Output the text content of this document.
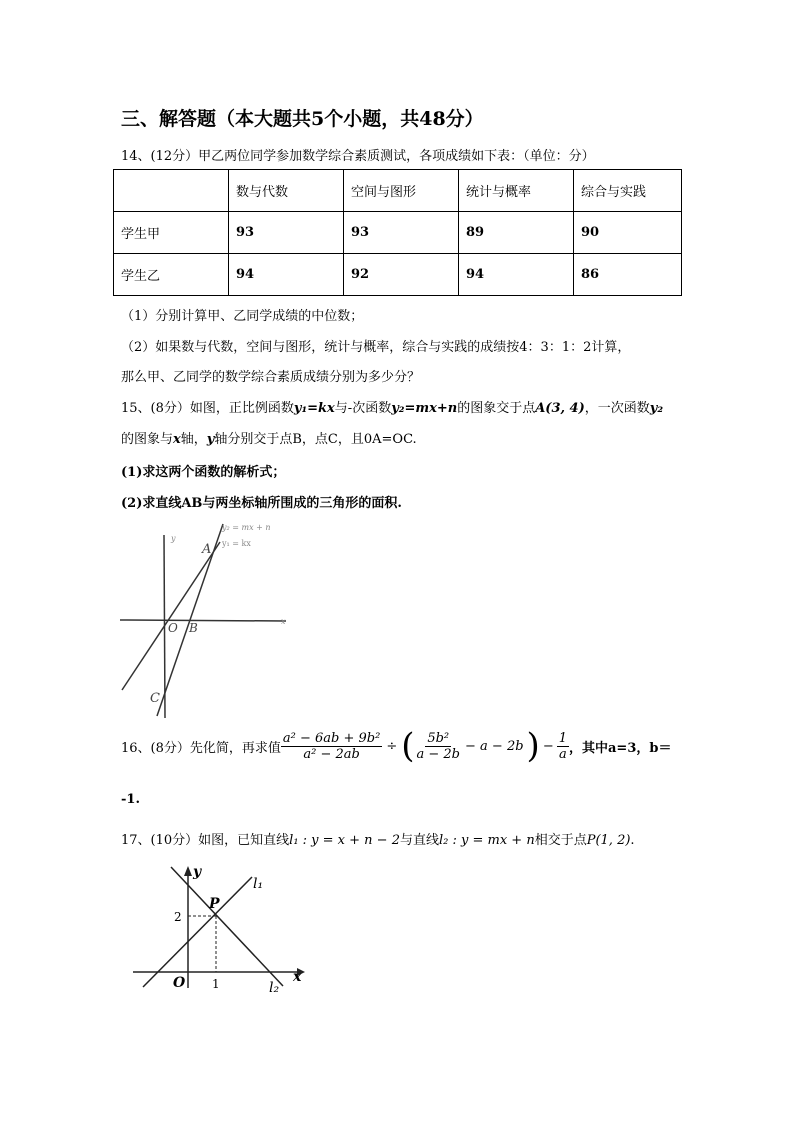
三、解答题（本大题共5个小题，共48分）
14、(12分）甲乙两位同学参加数学综合素质测试，各项成绩如下表：（单位：分）
	数与代数	空间与图形	统计与概率	综合与实践
学生甲	93	93	89	90
学生乙	94	92	94	86
（1）分别计算甲、乙同学成绩的中位数；
（2）如果数与代数，空间与图形，统计与概率，综合与实践的成绩按4：3：1：2计算，
那么甲、乙同学的数学综合素质成绩分别为多少分？
15、(8分）如图，正比例函数y₁=kx与-次函数y₂=mx+n的图象交于点A(3, 4)，一次函数y₂
的图象与x轴，y轴分别交于点B，点C，且0A=OC.
(1)求这两个函数的解析式；
(2)求直线AB与两坐标轴所围成的三角形的面积.
y₂ = mx + n
y₁ = kx
A
O B
C
x
y
16、(8分）先化简，再求值 $\frac{\text{a² − 6ab + 9b²}}{\text{a² − 2ab}}$ ÷ ( $\frac{\text{5b²}}{a - 2b} - a - 2b$ ) − $\frac{1}{a}$ ，其中a=3，b＝
-1.
17、(10分）如图，已知直线l₁ : y = x + n − 2与直线l₂ : y = mx + n相交于点P(1, 2).
y
l₁
P
2
x
O 1	l₂
